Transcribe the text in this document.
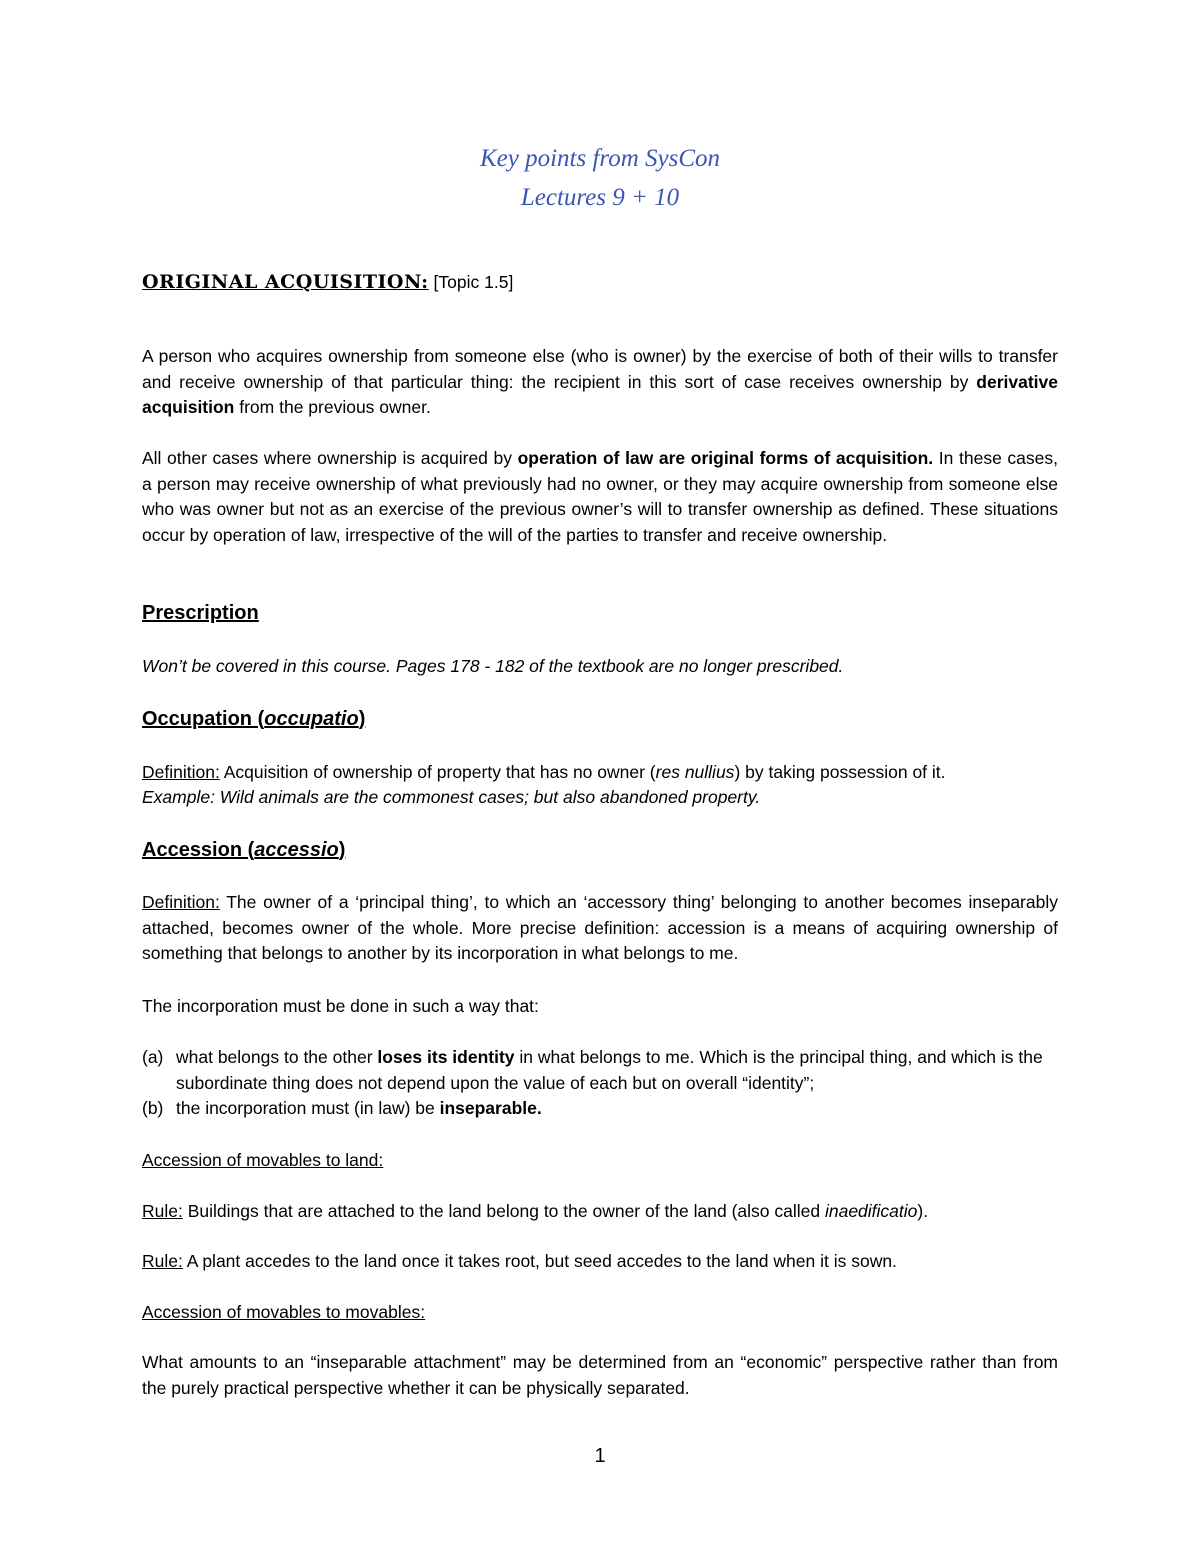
Key points from SysCon
Lectures 9 + 10
ORIGINAL ACQUISITION: [Topic 1.5]
A person who acquires ownership from someone else (who is owner) by the exercise of both of their wills to transfer and receive ownership of that particular thing: the recipient in this sort of case receives ownership by derivative acquisition from the previous owner.
All other cases where ownership is acquired by operation of law are original forms of acquisition. In these cases, a person may receive ownership of what previously had no owner, or they may acquire ownership from someone else who was owner but not as an exercise of the previous owner’s will to transfer ownership as defined. These situations occur by operation of law, irrespective of the will of the parties to transfer and receive ownership.
Prescription
Won’t be covered in this course. Pages 178 - 182 of the textbook are no longer prescribed.
Occupation (occupatio)
Definition: Acquisition of ownership of property that has no owner (res nullius) by taking possession of it.
Example: Wild animals are the commonest cases; but also abandoned property.
Accession (accessio)
Definition: The owner of a ‘principal thing’, to which an ‘accessory thing’ belonging to another becomes inseparably attached, becomes owner of the whole. More precise definition: accession is a means of acquiring ownership of something that belongs to another by its incorporation in what belongs to me.
The incorporation must be done in such a way that:
(a) what belongs to the other loses its identity in what belongs to me. Which is the principal thing, and which is the subordinate thing does not depend upon the value of each but on overall “identity”;
(b) the incorporation must (in law) be inseparable.
Accession of movables to land:
Rule: Buildings that are attached to the land belong to the owner of the land (also called inaedificatio).
Rule: A plant accedes to the land once it takes root, but seed accedes to the land when it is sown.
Accession of movables to movables:
What amounts to an “inseparable attachment” may be determined from an “economic” perspective rather than from the purely practical perspective whether it can be physically separated.
1
